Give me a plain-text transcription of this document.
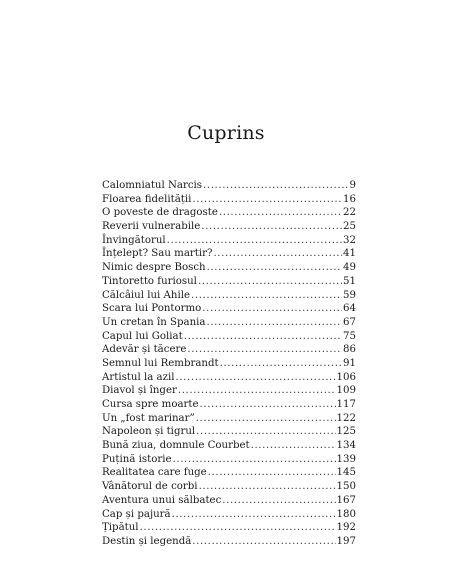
Cuprins
Calomniatul Narcis .....	9
Floarea fidelității .....	16
O poveste de dragoste .....	22
Reverii vulnerabile .....	25
Învingătorul .....	32
Înțelept? Sau martir? .....	41
Nimic despre Bosch .....	49
Tintoretto furiosul .....	51
Călcâiul lui Ahile .....	59
Scara lui Pontormo .....	64
Un cretan în Spania .....	67
Capul lui Goliat .....	75
Adevăr și tăcere .....	86
Semnul lui Rembrandt .....	91
Artistul la azil .....	106
Diavol și înger .....	109
Cursa spre moarte .....	117
Un „fost marinar” .....	122
Napoleon și tigrul .....	125
Bună ziua, domnule Courbet .....	134
Puțină istorie .....	139
Realitatea care fuge .....	145
Vânătorul de corbi .....	150
Aventura unui sălbatec .....	167
Cap și pajură .....	180
Țipătul .....	192
Destin și legendă .....	197
